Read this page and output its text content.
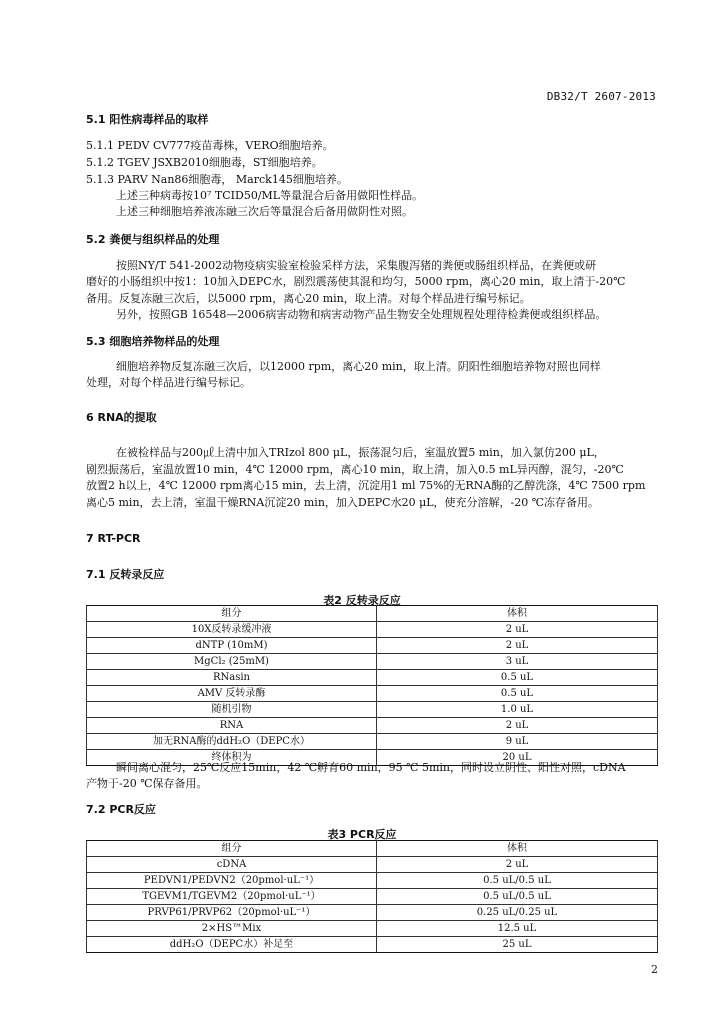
DB32/T 2607-2013
5.1 阳性病毒样品的取样
5.1.1 PEDV CV777疫苗毒株，VERO细胞培养。
5.1.2 TGEV JSXB2010细胞毒，ST细胞培养。
5.1.3 PARV Nan86细胞毒， Marck145细胞培养。
上述三种病毒按10⁷ TCID50/ML等量混合后备用做阳性样品。
上述三种细胞培养液冻融三次后等量混合后备用做阴性对照。
5.2 粪便与组织样品的处理
按照NY/T 541-2002动物疫病实验室检验采样方法，采集腹泻猪的粪便或肠组织样品，在粪便或研
磨好的小肠组织中按1：10加入DEPC水，剧烈震荡使其混和均匀，5000 rpm，离心20 min，取上清于-20℃
备用。反复冻融三次后，以5000 rpm，离心20 min，取上清。对每个样品进行编号标记。
另外，按照GB 16548—2006病害动物和病害动物产品生物安全处理规程处理待检粪便或组织样品。
5.3 细胞培养物样品的处理
细胞培养物反复冻融三次后，以12000 rpm，离心20 min，取上清。阴阳性细胞培养物对照也同样
处理，对每个样品进行编号标记。
6 RNA的提取
在被检样品与200㎕上清中加入TRIzol 800 μL，振荡混匀后，室温放置5 min，加入氯仿200 μL，
剧烈振荡后，室温放置10 min，4℃ 12000 rpm，离心10 min，取上清，加入0.5 mL异丙醇，混匀，-20℃
放置2 h以上，4℃ 12000 rpm离心15 min，去上清，沉淀用1 ml 75%的无RNA酶的乙醇洗涤，4℃ 7500 rpm
离心5 min，去上清，室温干燥RNA沉淀20 min，加入DEPC水20 μL，使充分溶解，-20 ℃冻存备用。
7 RT-PCR
7.1 反转录反应
表2 反转录反应
组分	体积
10X反转录缓冲液	2 uL
dNTP (10mM)	2 uL
MgCl₂ (25mM)	3 uL
RNasin	0.5 uL
AMV 反转录酶	0.5 uL
随机引物	1.0 uL
RNA	2 uL
加无RNA酶的ddH₂O（DEPC水）	9 uL
终体积为	20 uL
瞬间离心混匀，25℃反应15min，42 ℃孵育60 min，95 ℃ 5min，同时设立阴性、阳性对照，cDNA
产物于-20 ℃保存备用。
7.2 PCR反应
表3 PCR反应
组分	体积
cDNA	2 uL
PEDVN1/PEDVN2（20pmol·uL⁻¹）	0.5 uL/0.5 uL
TGEVM1/TGEVM2（20pmol·uL⁻¹）	0.5 uL/0.5 uL
PRVP61/PRVP62（20pmol·uL⁻¹）	0.25 uL/0.25 uL
2×HS™Mix	12.5 uL
ddH₂O（DEPC水）补足至	25 uL
2
